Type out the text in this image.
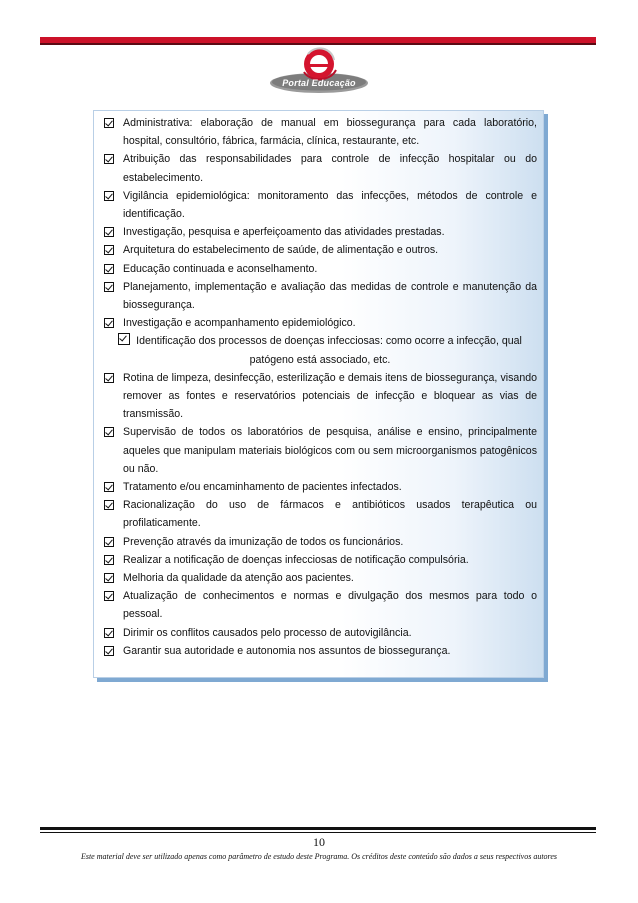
Portal Educação
Administrativa: elaboração de manual em biossegurança para cada laboratório, hospital, consultório, fábrica, farmácia, clínica, restaurante, etc.
Atribuição das responsabilidades para controle de infecção hospitalar ou do estabelecimento.
Vigilância epidemiológica: monitoramento das infecções, métodos de controle e identificação.
Investigação, pesquisa e aperfeiçoamento das atividades prestadas.
Arquitetura do estabelecimento de saúde, de alimentação e outros.
Educação continuada e aconselhamento.
Planejamento, implementação e avaliação das medidas de controle e manutenção da biossegurança.
Investigação e acompanhamento epidemiológico.
Identificação dos processos de doenças infecciosas: como ocorre a infecção, qual
patógeno está associado, etc.
Rotina de limpeza, desinfecção, esterilização e demais itens de biossegurança, visando remover as fontes e reservatórios potenciais de infecção e bloquear as vias de transmissão.
Supervisão de todos os laboratórios de pesquisa, análise e ensino, principalmente aqueles que manipulam materiais biológicos com ou sem microorganismos patogênicos ou não.
Tratamento e/ou encaminhamento de pacientes infectados.
Racionalização do uso de fármacos e antibióticos usados terapêutica ou profilaticamente.
Prevenção através da imunização de todos os funcionários.
Realizar a notificação de doenças infecciosas de notificação compulsória.
Melhoria da qualidade da atenção aos pacientes.
Atualização de conhecimentos e normas e divulgação dos mesmos para todo o pessoal.
Dirimir os conflitos causados pelo processo de autovigilância.
Garantir sua autoridade e autonomia nos assuntos de biossegurança.
10
Este material deve ser utilizado apenas como parâmetro de estudo deste Programa. Os créditos deste conteúdo são dados a seus respectivos autores
